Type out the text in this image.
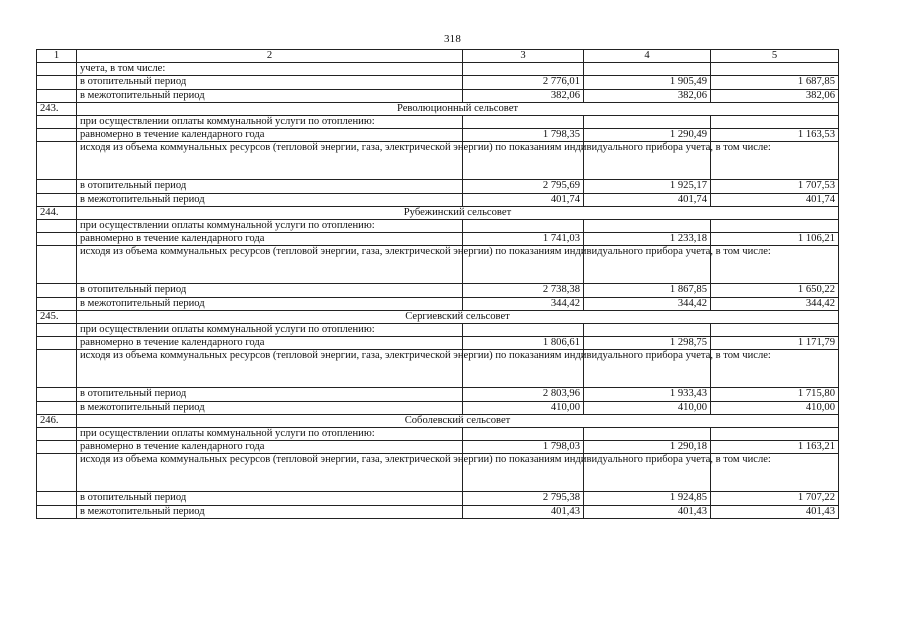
318
1	2	3	4	5
	учета, в том числе:			
	в отопительный период	2 776,01	1 905,49	1 687,85
	в межотопительный период	382,06	382,06	382,06
243.	Революционный сельсовет			
	при осуществлении оплаты коммунальной услуги по отоплению:			
	равномерно в течение календарного года	1 798,35	1 290,49	1 163,53
	исходя из объема коммунальных ресурсов (тепловой энергии, газа, электрической энергии) по показаниям индивидуального прибора учета, в том числе:			
	в отопительный период	2 795,69	1 925,17	1 707,53
	в межотопительный период	401,74	401,74	401,74
244.	Рубежинский сельсовет			
	при осуществлении оплаты коммунальной услуги по отоплению:			
	равномерно в течение календарного года	1 741,03	1 233,18	1 106,21
	исходя из объема коммунальных ресурсов (тепловой энергии, газа, электрической энергии) по показаниям индивидуального прибора учета, в том числе:			
	в отопительный период	2 738,38	1 867,85	1 650,22
	в межотопительный период	344,42	344,42	344,42
245.	Сергиевский сельсовет			
	при осуществлении оплаты коммунальной услуги по отоплению:			
	равномерно в течение календарного года	1 806,61	1 298,75	1 171,79
	исходя из объема коммунальных ресурсов (тепловой энергии, газа, электрической энергии) по показаниям индивидуального прибора учета, в том числе:			
	в отопительный период	2 803,96	1 933,43	1 715,80
	в межотопительный период	410,00	410,00	410,00
246.	Соболевский сельсовет			
	при осуществлении оплаты коммунальной услуги по отоплению:			
	равномерно в течение календарного года	1 798,03	1 290,18	1 163,21
	исходя из объема коммунальных ресурсов (тепловой энергии, газа, электрической энергии) по показаниям индивидуального прибора учета, в том числе:			
	в отопительный период	2 795,38	1 924,85	1 707,22
	в межотопительный период	401,43	401,43	401,43
